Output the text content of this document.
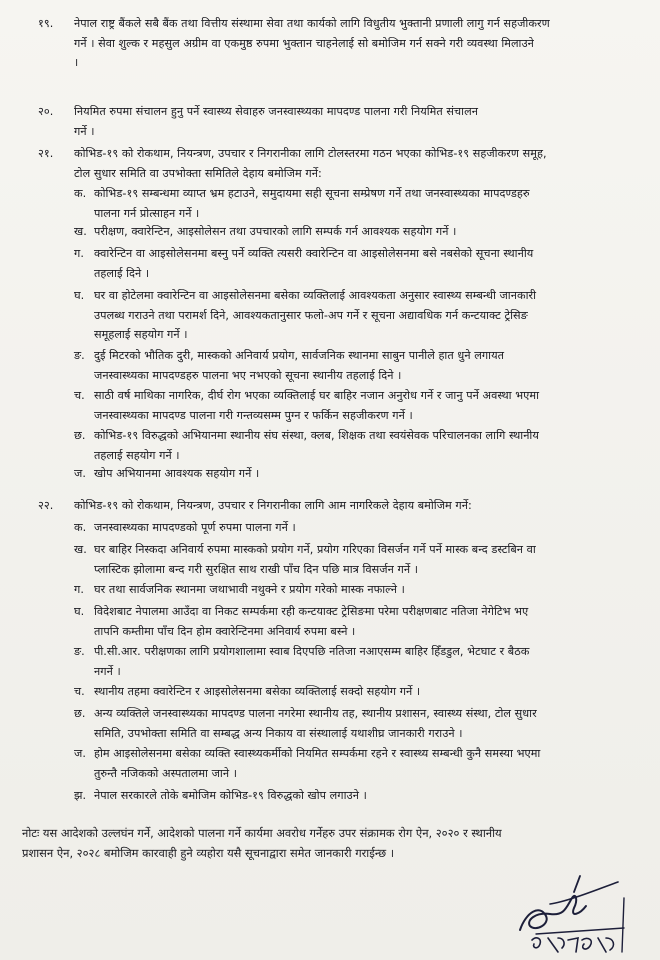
१९. नेपाल राष्ट्र बैंकले सबै बैंक तथा वित्तीय संस्थामा सेवा तथा कार्यको लागि विधुतीय भुक्तानी प्रणाली लागु गर्न सहजीकरण
गर्ने । सेवा शुल्क र महसुल अग्रीम वा एकमुष्ठ रुपमा भुक्तान चाहनेलाई सो बमोजिम गर्न सक्ने गरी व्यवस्था मिलाउने
।
२०. नियमित रुपमा संचालन हुनु पर्ने स्वास्थ्य सेवाहरु जनस्वास्थ्यका मापदण्ड पालना गरी नियमित संचालन
गर्ने ।
२१. कोभिड-१९ को रोकथाम, नियन्त्रण, उपचार र निगरानीका लागि टोलस्तरमा गठन भएका कोभिड-१९ सहजीकरण समूह,
टोल सुधार समिति वा उपभोक्ता समितिले देहाय बमोजिम गर्ने:
क. कोभिड-१९ सम्बन्धमा व्याप्त भ्रम हटाउने, समुदायमा सही सूचना सम्प्रेषण गर्ने तथा जनस्वास्थ्यका मापदण्डहरु
पालना गर्न प्रोत्साहन गर्ने ।
ख. परीक्षण, क्वारेन्टिन, आइसोलेसन तथा उपचारको लागि सम्पर्क गर्न आवश्यक सहयोग गर्ने ।
ग. क्वारेन्टिन वा आइसोलेसनमा बस्नु पर्ने व्यक्ति त्यसरी क्वारेन्टिन वा आइसोलेसनमा बसे नबसेको सूचना स्थानीय
तहलाई दिने ।
घ. घर वा होटेलमा क्वारेन्टिन वा आइसोलेसनमा बसेका व्यक्तिलाई आवश्यकता अनुसार स्वास्थ्य सम्बन्धी जानकारी
उपलब्ध गराउने तथा परामर्श दिने, आवश्यकतानुसार फलो-अप गर्ने र सूचना अद्यावधिक गर्न कन्टयाक्ट ट्रेसिङ
समूहलाई सहयोग गर्ने ।
ङ. दुई मिटरको भौतिक दुरी, मास्कको अनिवार्य प्रयोग, सार्वजनिक स्थानमा साबुन पानीले हात धुने लगायत
जनस्वास्थ्यका मापदण्डहरु पालना भए नभएको सूचना स्थानीय तहलाई दिने ।
च. साठी वर्ष माथिका नागरिक, दीर्घ रोग भएका व्यक्तिलाई घर बाहिर नजान अनुरोध गर्ने र जानु पर्ने अवस्था भएमा
जनस्वास्थ्यका मापदण्ड पालना गरी गन्तव्यसम्म पुग्न र फर्किन सहजीकरण गर्ने ।
छ. कोभिड-१९ विरुद्धको अभियानमा स्थानीय संघ संस्था, क्लब, शिक्षक तथा स्वयंसेवक परिचालनका लागि स्थानीय
तहलाई सहयोग गर्ने ।
ज. खोप अभियानमा आवश्यक सहयोग गर्ने ।
२२. कोभिड-१९ को रोकथाम, नियन्त्रण, उपचार र निगरानीका लागि आम नागरिकले देहाय बमोजिम गर्ने:
क. जनस्वास्थ्यका मापदण्डको पूर्ण रुपमा पालना गर्ने ।
ख. घर बाहिर निस्कदा अनिवार्य रुपमा मास्कको प्रयोग गर्ने, प्रयोग गरिएका विसर्जन गर्ने पर्ने मास्क बन्द डस्टबिन वा
प्लास्टिक झोलामा बन्द गरी सुरक्षित साथ राखी पाँच दिन पछि मात्र विसर्जन गर्ने ।
ग. घर तथा सार्वजनिक स्थानमा जथाभावी नथुक्ने र प्रयोग गरेको मास्क नफाल्ने ।
घ. विदेशबाट नेपालमा आउँदा वा निकट सम्पर्कमा रही कन्टयाक्ट ट्रेसिङमा परेमा परीक्षणबाट नतिजा नेगेटिभ भए
तापनि कम्तीमा पाँच दिन होम क्वारेन्टिनमा अनिवार्य रुपमा बस्ने ।
ङ. पी.सी.आर. परीक्षणका लागि प्रयोगशालामा स्वाब दिएपछि नतिजा नआएसम्म बाहिर हिँडडुल, भेटघाट र बैठक
नगर्ने ।
च. स्थानीय तहमा क्वारेन्टिन र आइसोलेसनमा बसेका व्यक्तिलाई सक्दो सहयोग गर्ने ।
छ. अन्य व्यक्तिले जनस्वास्थ्यका मापदण्ड पालना नगरेमा स्थानीय तह, स्थानीय प्रशासन, स्वास्थ्य संस्था, टोल सुधार
समिति, उपभोक्ता समिति वा सम्बद्ध अन्य निकाय वा संस्थालाई यथाशीघ्र जानकारी गराउने ।
ज. होम आइसोलेसनमा बसेका व्यक्ति स्वास्थ्यकर्मीको नियमित सम्पर्कमा रहने र स्वास्थ्य सम्बन्धी कुनै समस्या भएमा
तुरुन्तै नजिकको अस्पतालमा जाने ।
झ. नेपाल सरकारले तोके बमोजिम कोभिड-१९ विरुद्धको खोप लगाउने ।
नोटः यस आदेशको उल्लघंन गर्ने, आदेशको पालना गर्ने कार्यमा अवरोध गर्नेहरु उपर संक्रामक रोग ऐन, २०२० र स्थानीय
प्रशासन ऐन, २०२८ बमोजिम कारवाही हुने व्यहोरा यसै सूचनाद्वारा समेत जानकारी गराईन्छ ।
